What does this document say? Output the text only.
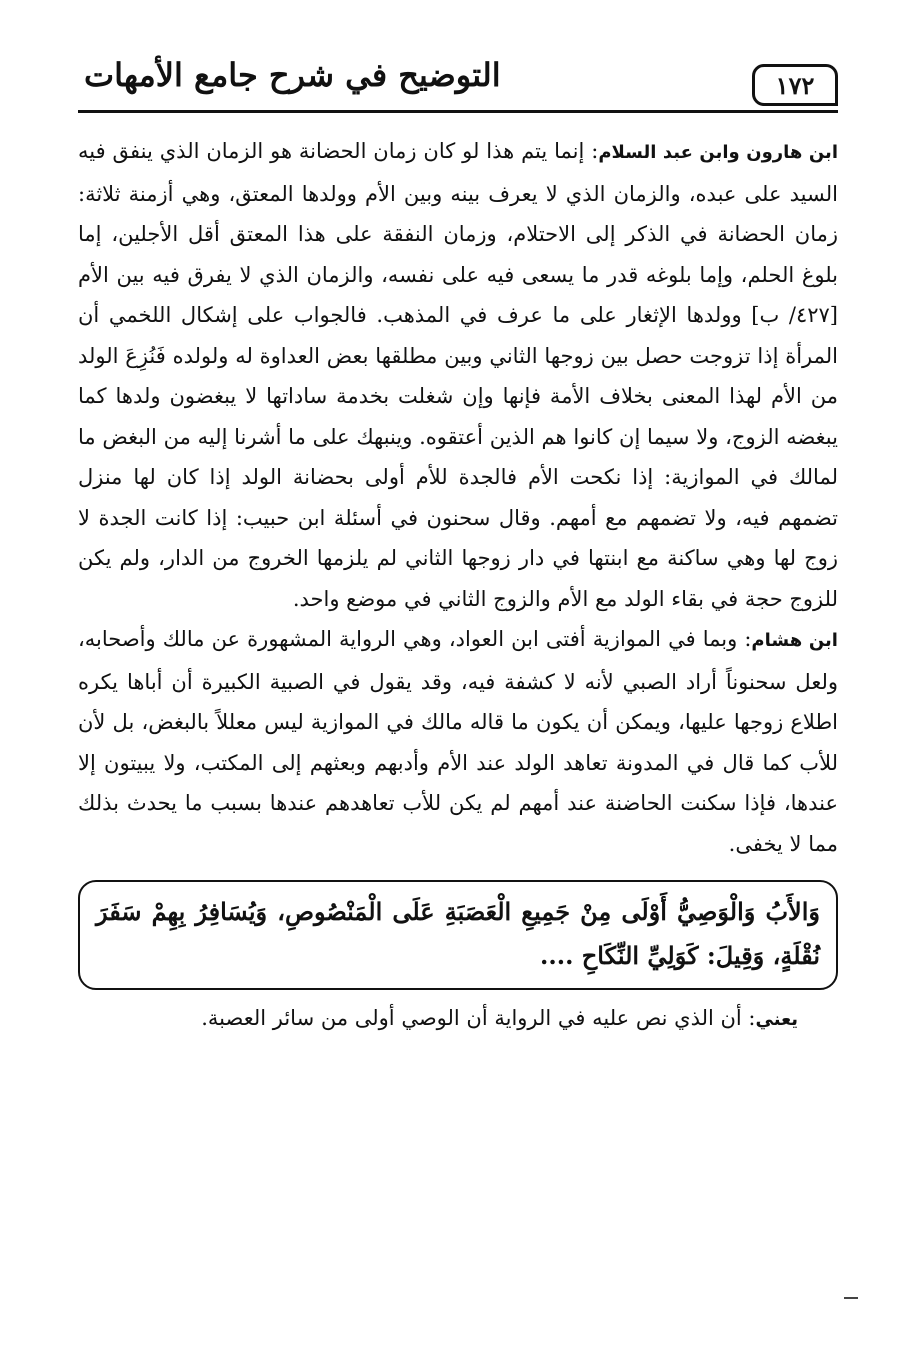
١٧٢
التوضيح في شرح جامع الأمهات

ابن هارون وابن عبد السلام: إنما يتم هذا لو كان زمان الحضانة هو الزمان الذي ينفق فيه السيد على عبده، والزمان الذي لا يعرف بينه وبين الأم وولدها المعتق، وهي أزمنة ثلاثة: زمان الحضانة في الذكر إلى الاحتلام، وزمان النفقة على هذا المعتق أقل الأجلين، إما بلوغ الحلم، وإما بلوغه قدر ما يسعى فيه على نفسه، والزمان الذي لا يفرق فيه بين الأم [٤٢٧/ ب] وولدها الإثغار على ما عرف في المذهب. فالجواب على إشكال اللخمي أن المرأة إذا تزوجت حصل بين زوجها الثاني وبين مطلقها بعض العداوة له ولولده فَنُزِعَ الولد من الأم لهذا المعنى بخلاف الأمة فإنها وإن شغلت بخدمة ساداتها لا يبغضون ولدها كما يبغضه الزوج، ولا سيما إن كانوا هم الذين أعتقوه. وينبهك على ما أشرنا إليه من البغض ما لمالك في الموازية: إذا نكحت الأم فالجدة للأم أولى بحضانة الولد إذا كان لها منزل تضمهم فيه، ولا تضمهم مع أمهم. وقال سحنون في أسئلة ابن حبيب: إذا كانت الجدة لا زوج لها وهي ساكنة مع ابنتها في دار زوجها الثاني لم يلزمها الخروج من الدار، ولم يكن للزوج حجة في بقاء الولد مع الأم والزوج الثاني في موضع واحد.

ابن هشام: وبما في الموازية أفتى ابن العواد، وهي الرواية المشهورة عن مالك وأصحابه، ولعل سحنوناً أراد الصبي لأنه لا كشفة فيه، وقد يقول في الصبية الكبيرة أن أباها يكره اطلاع زوجها عليها، ويمكن أن يكون ما قاله مالك في الموازية ليس معللاً بالبغض، بل لأن للأب كما قال في المدونة تعاهد الولد عند الأم وأدبهم وبعثهم إلى المكتب، ولا يبيتون إلا عندها، فإذا سكنت الحاضنة عند أمهم لم يكن للأب تعاهدهم عندها بسبب ما يحدث بذلك مما لا يخفى.

وَالأَبُ وَالْوَصِيُّ أَوْلَى مِنْ جَمِيعِ الْعَصَبَةِ عَلَى الْمَنْصُوصِ، وَيُسَافِرُ بِهِمْ سَفَرَ نُقْلَةٍ، وَقِيلَ: كَوَلِيِّ النِّكَاحِ ....
يعني: أن الذي نص عليه في الرواية أن الوصي أولى من سائر العصبة.
